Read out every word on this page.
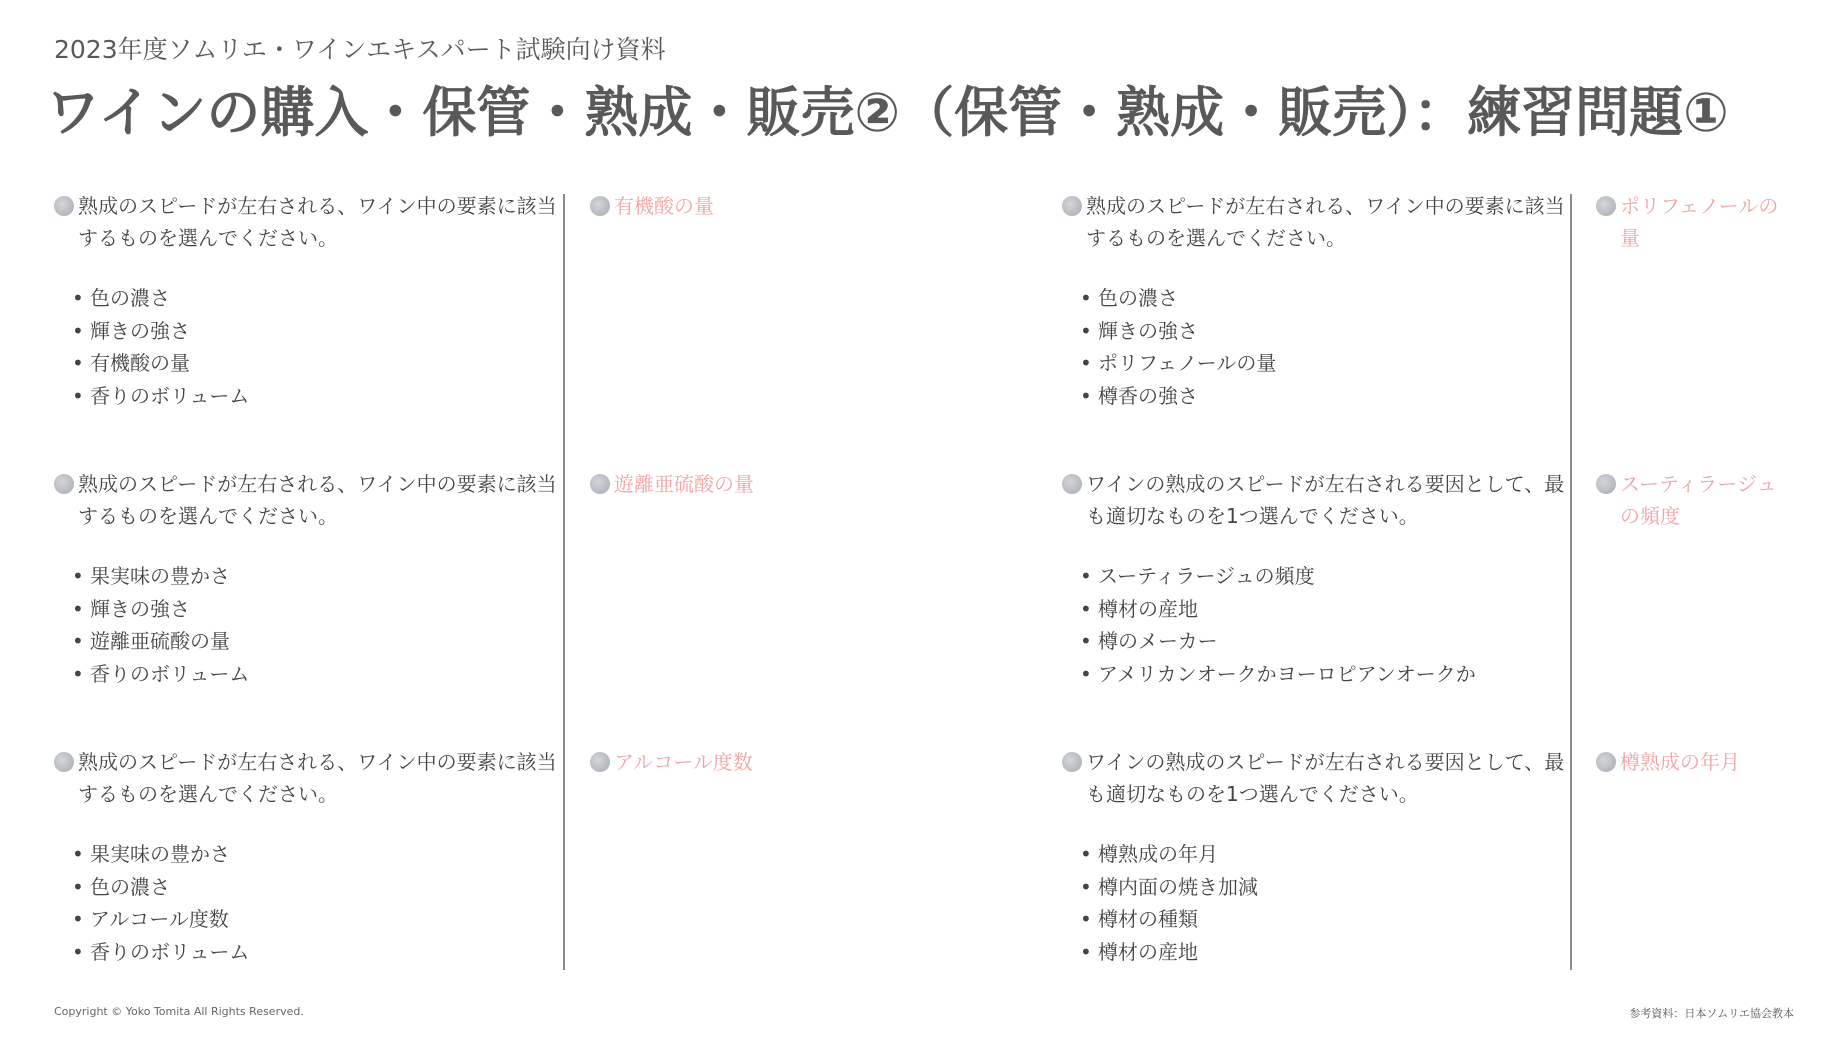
2023年度ソムリエ・ワインエキスパート試験向け資料
ワインの購入・保管・熟成・販売②（保管・熟成・販売）：練習問題①
熟成のスピードが左右される、ワイン中の要素に該当するものを選んでください。
• 色の濃さ
• 輝きの強さ
• 有機酸の量
• 香りのボリューム
熟成のスピードが左右される、ワイン中の要素に該当するものを選んでください。
• 果実味の豊かさ
• 輝きの強さ
• 遊離亜硫酸の量
• 香りのボリューム
熟成のスピードが左右される、ワイン中の要素に該当するものを選んでください。
• 果実味の豊かさ
• 色の濃さ
• アルコール度数
• 香りのボリューム
有機酸の量
遊離亜硫酸の量
アルコール度数
熟成のスピードが左右される、ワイン中の要素に該当するものを選んでください。
• 色の濃さ
• 輝きの強さ
• ポリフェノールの量
• 樽香の強さ
ワインの熟成のスピードが左右される要因として、最も適切なものを1つ選んでください。
• スーティラージュの頻度
• 樽材の産地
• 樽のメーカー
• アメリカンオークかヨーロピアンオークか
ワインの熟成のスピードが左右される要因として、最も適切なものを1つ選んでください。
• 樽熟成の年月
• 樽内面の焼き加減
• 樽材の種類
• 樽材の産地
ポリフェノールの量
スーティラージュの頻度
樽熟成の年月
Copyright © Yoko Tomita All Rights Reserved.	参考資料：日本ソムリエ協会教本
